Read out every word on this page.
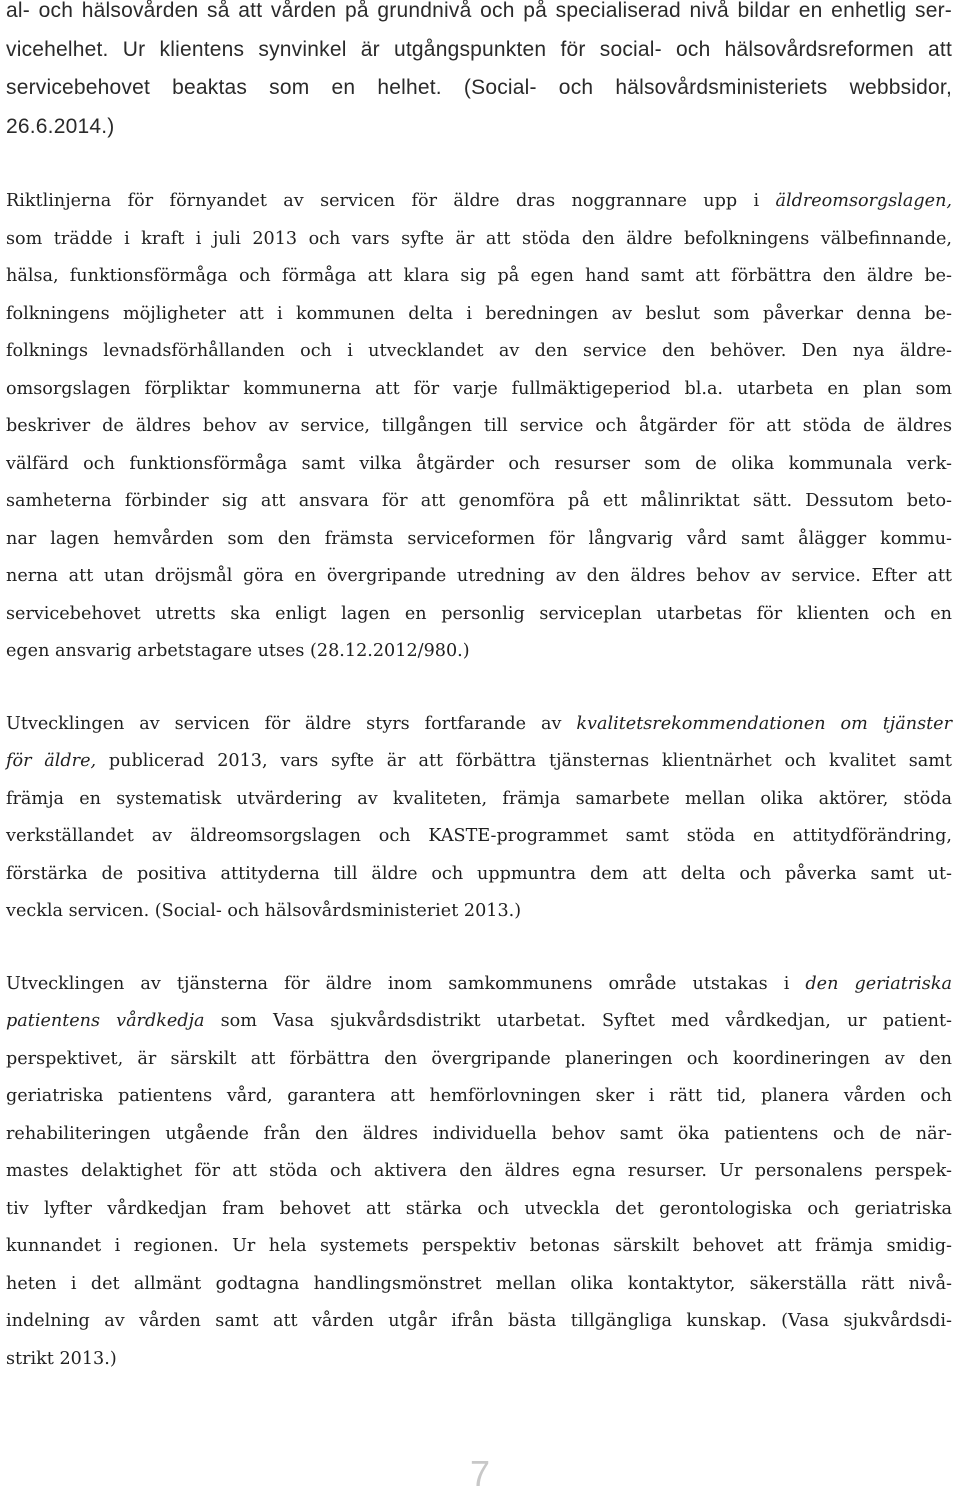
al- och hälsovården så att vården på grundnivå och på specialiserad nivå bildar en enhetlig ser-
vicehelhet. Ur klientens synvinkel är utgångspunkten för social- och hälsovårdsreformen att
servicebehovet beaktas som en helhet. (Social- och hälsovårdsministeriets webbsidor,
26.6.2014.)
Riktlinjerna för förnyandet av servicen för äldre dras noggrannare upp i äldreomsorgslagen,
som trädde i kraft i juli 2013 och vars syfte är att stöda den äldre befolkningens välbefinnande,
hälsa, funktionsförmåga och förmåga att klara sig på egen hand samt att förbättra den äldre be-
folkningens möjligheter att i kommunen delta i beredningen av beslut som påverkar denna be-
folknings levnadsförhållanden och i utvecklandet av den service den behöver. Den nya äldre-
omsorgslagen förpliktar kommunerna att för varje fullmäktigeperiod bl.a. utarbeta en plan som
beskriver de äldres behov av service, tillgången till service och åtgärder för att stöda de äldres
välfärd och funktionsförmåga samt vilka åtgärder och resurser som de olika kommunala verk-
samheterna förbinder sig att ansvara för att genomföra på ett målinriktat sätt. Dessutom beto-
nar lagen hemvården som den främsta serviceformen för långvarig vård samt ålägger kommu-
nerna att utan dröjsmål göra en övergripande utredning av den äldres behov av service. Efter att
servicebehovet utretts ska enligt lagen en personlig serviceplan utarbetas för klienten och en
egen ansvarig arbetstagare utses (28.12.2012/980.)
Utvecklingen av servicen för äldre styrs fortfarande av kvalitetsrekommendationen om tjänster
för äldre, publicerad 2013, vars syfte är att förbättra tjänsternas klientnärhet och kvalitet samt
främja en systematisk utvärdering av kvaliteten, främja samarbete mellan olika aktörer, stöda
verkställandet av äldreomsorgslagen och KASTE-programmet samt stöda en attitydförändring,
förstärka de positiva attityderna till äldre och uppmuntra dem att delta och påverka samt ut-
veckla servicen. (Social- och hälsovårdsministeriet 2013.)
Utvecklingen av tjänsterna för äldre inom samkommunens område utstakas i den geriatriska
patientens vårdkedja som Vasa sjukvårdsdistrikt utarbetat. Syftet med vårdkedjan, ur patient-
perspektivet, är särskilt att förbättra den övergripande planeringen och koordineringen av den
geriatriska patientens vård, garantera att hemförlovningen sker i rätt tid, planera vården och
rehabiliteringen utgående från den äldres individuella behov samt öka patientens och de när-
mastes delaktighet för att stöda och aktivera den äldres egna resurser. Ur personalens perspek-
tiv lyfter vårdkedjan fram behovet att stärka och utveckla det gerontologiska och geriatriska
kunnandet i regionen. Ur hela systemets perspektiv betonas särskilt behovet att främja smidig-
heten i det allmänt godtagna handlingsmönstret mellan olika kontaktytor, säkerställa rätt nivå-
indelning av vården samt att vården utgår ifrån bästa tillgängliga kunskap. (Vasa sjukvårdsdi-
strikt 2013.)
7
